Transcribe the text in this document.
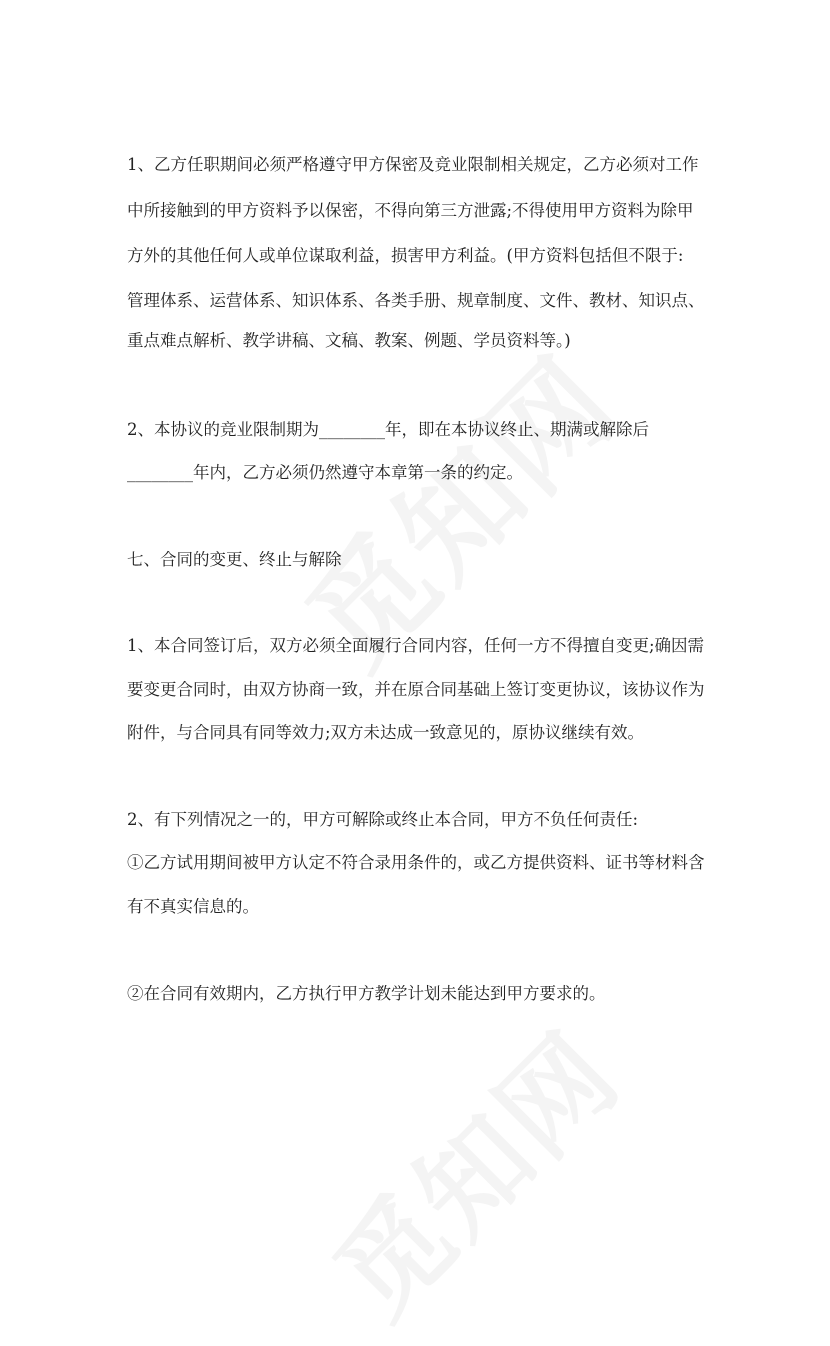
1、乙方任职期间必须严格遵守甲方保密及竞业限制相关规定，乙方必须对工作
中所接触到的甲方资料予以保密，不得向第三方泄露;不得使用甲方资料为除甲
方外的其他任何人或单位谋取利益，损害甲方利益。(甲方资料包括但不限于:
管理体系、运营体系、知识体系、各类手册、规章制度、文件、教材、知识点、
重点难点解析、教学讲稿、文稿、教案、例题、学员资料等。)
2、本协议的竞业限制期为________年，即在本协议终止、期满或解除后
________年内，乙方必须仍然遵守本章第一条的约定。
七、合同的变更、终止与解除
1、本合同签订后，双方必须全面履行合同内容，任何一方不得擅自变更;确因需
要变更合同时，由双方协商一致，并在原合同基础上签订变更协议，该协议作为
附件，与合同具有同等效力;双方未达成一致意见的，原协议继续有效。
2、有下列情况之一的，甲方可解除或终止本合同，甲方不负任何责任:
①乙方试用期间被甲方认定不符合录用条件的，或乙方提供资料、证书等材料含
有不真实信息的。
②在合同有效期内，乙方执行甲方教学计划未能达到甲方要求的。
